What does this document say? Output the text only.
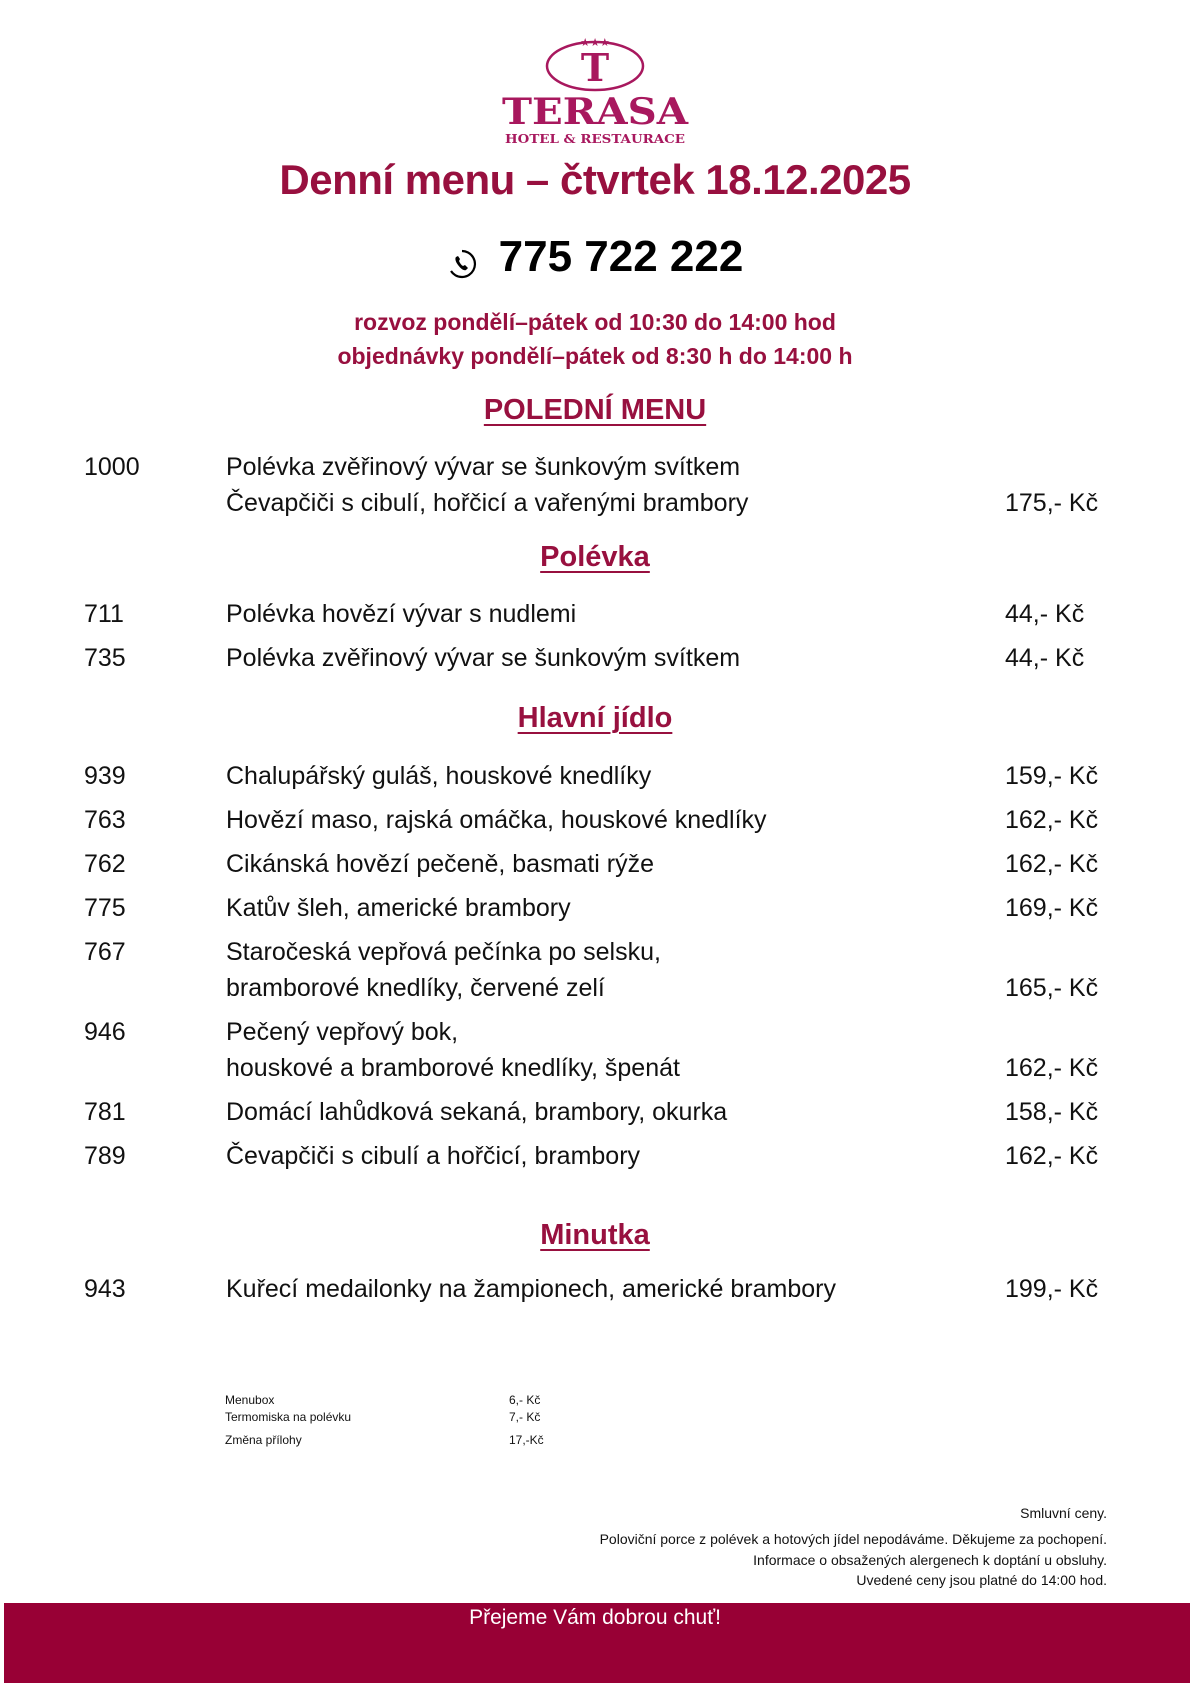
★★★
T
TERASA
HOTEL & RESTAURACE
Denní menu – čtvrtek 18.12.2025
775 722 222
rozvoz pondělí–pátek od 10:30 do 14:00 hod
objednávky pondělí–pátek od 8:30 h do 14:00 h
POLEDNÍ MENU
1000	Polévka zvěřinový vývar se šunkovým svítkem
Čevapčiči s cibulí, hořčicí a vařenými brambory	175,- Kč
Polévka
711	Polévka hovězí vývar s nudlemi	44,- Kč
735	Polévka zvěřinový vývar se šunkovým svítkem	44,- Kč
Hlavní jídlo
939	Chalupářský guláš, houskové knedlíky	159,- Kč
763	Hovězí maso, rajská omáčka, houskové knedlíky	162,- Kč
762	Cikánská hovězí pečeně, basmati rýže	162,- Kč
775	Katův šleh, americké brambory	169,- Kč
767	Staročeská vepřová pečínka po selsku,
bramborové knedlíky, červené zelí	165,- Kč
946	Pečený vepřový bok,
houskové a bramborové knedlíky, špenát	162,- Kč
781	Domácí lahůdková sekaná, brambory, okurka	158,- Kč
789	Čevapčiči s cibulí a hořčicí, brambory	162,- Kč
Minutka
943	Kuřecí medailonky na žampionech, americké brambory	199,- Kč
Menubox	6,- Kč
Termomiska na polévku	7,- Kč
Změna přílohy	17,-Kč
Smluvní ceny.
Poloviční porce z polévek a hotových jídel nepodáváme. Děkujeme za pochopení.
Informace o obsažených alergenech k doptání u obsluhy.
Uvedené ceny jsou platné do 14:00 hod.
Přejeme Vám dobrou chuť!
